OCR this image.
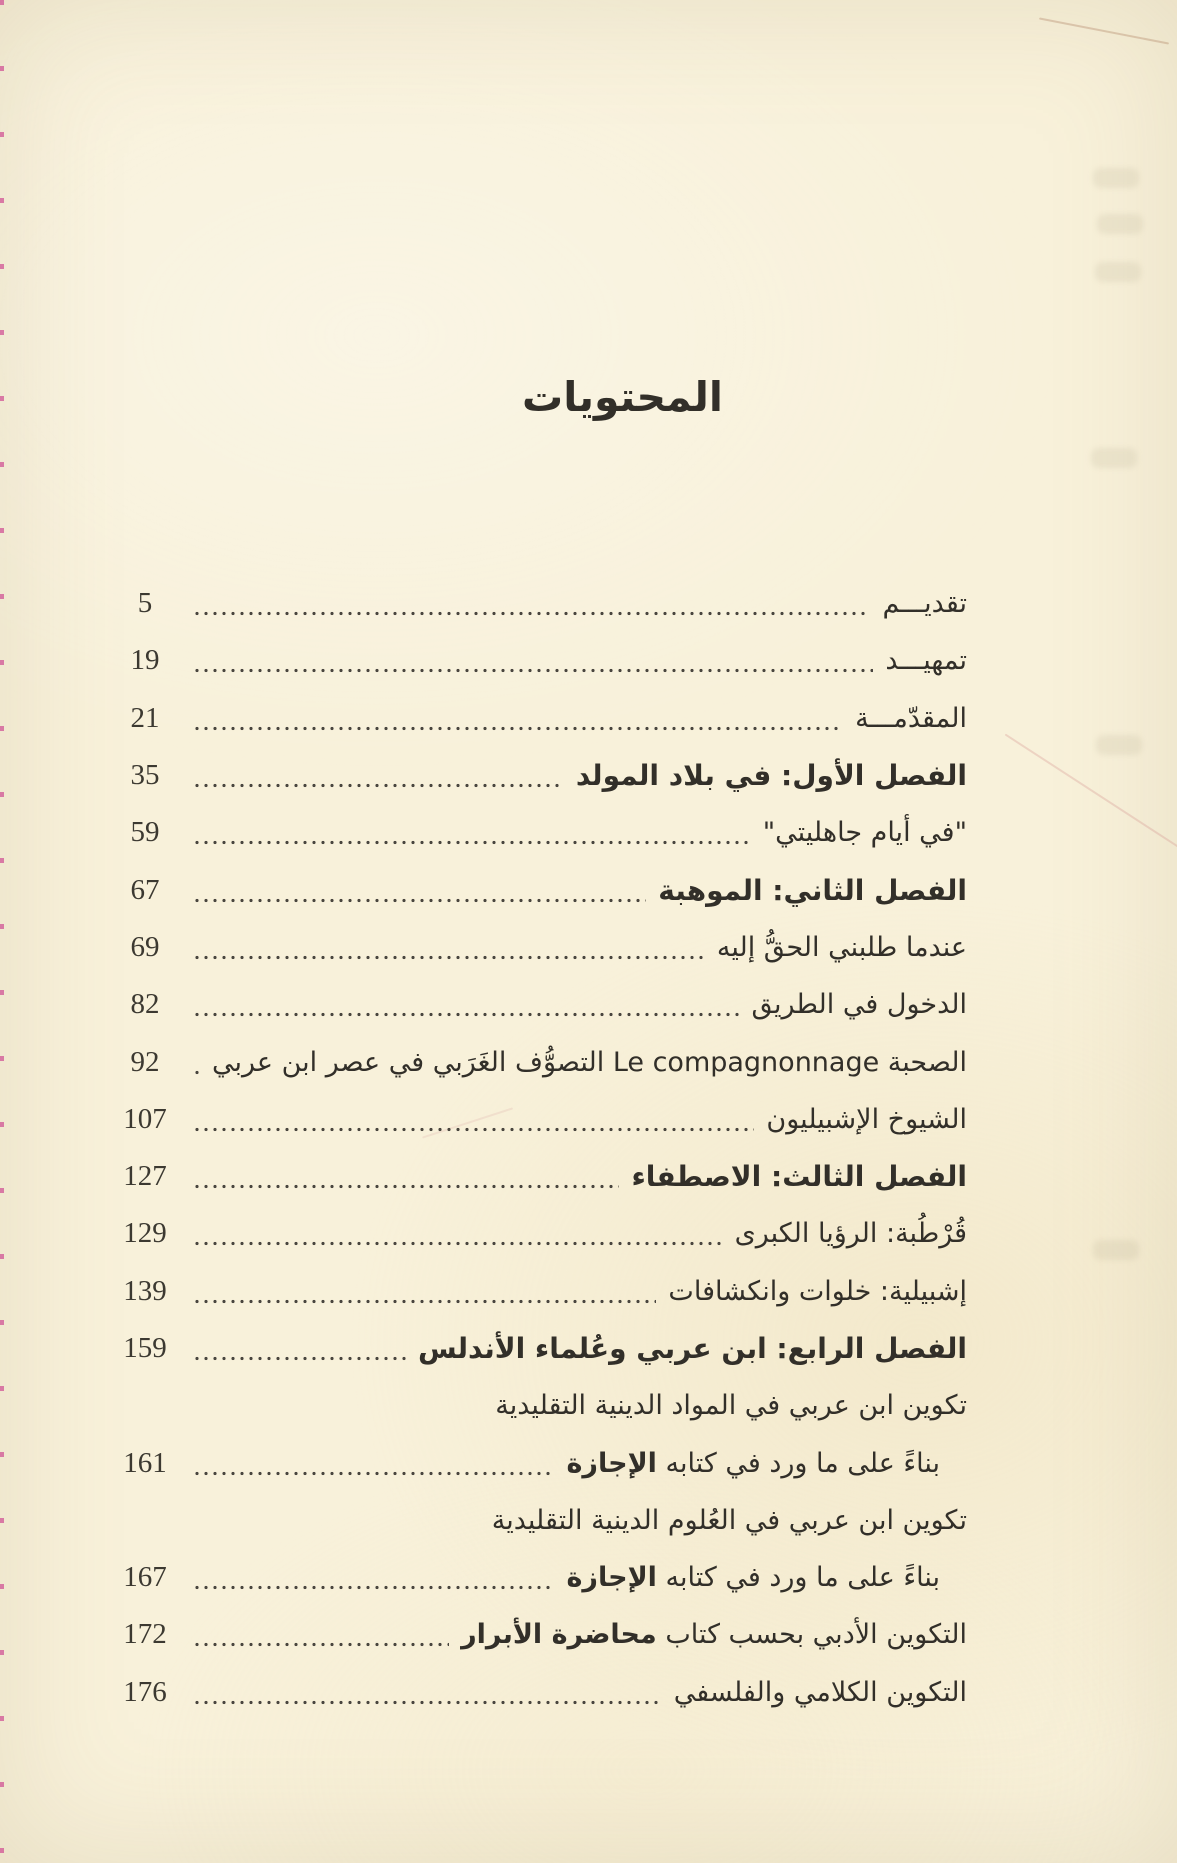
المحتويات
تقديـــم
5
تمهيـــد
19
المقدّمـــة
21
الفصل الأول: في بلاد المولد
35
"في أيام جاهليتي"
59
الفصل الثاني: الموهبة
67
عندما طلبني الحقُّ إليه
69
الدخول في الطريق
82
الصحبة Le compagnonnage التصوُّف الغَرَبي في عصر ابن عربي
92
الشيوخ الإشبيليون
107
الفصل الثالث: الاصطفاء
127
قُرْطُبة: الرؤيا الكبرى
129
إشبيلية: خلوات وانكشافات
139
الفصل الرابع: ابن عربي وعُلماء الأندلس
159
تكوين ابن عربي في المواد الدينية التقليدية
بناءً على ما ورد في كتابه الإجازة
161
تكوين ابن عربي في العُلوم الدينية التقليدية
بناءً على ما ورد في كتابه الإجازة
167
التكوين الأدبي بحسب كتاب محاضرة الأبرار
172
التكوين الكلامي والفلسفي
176
